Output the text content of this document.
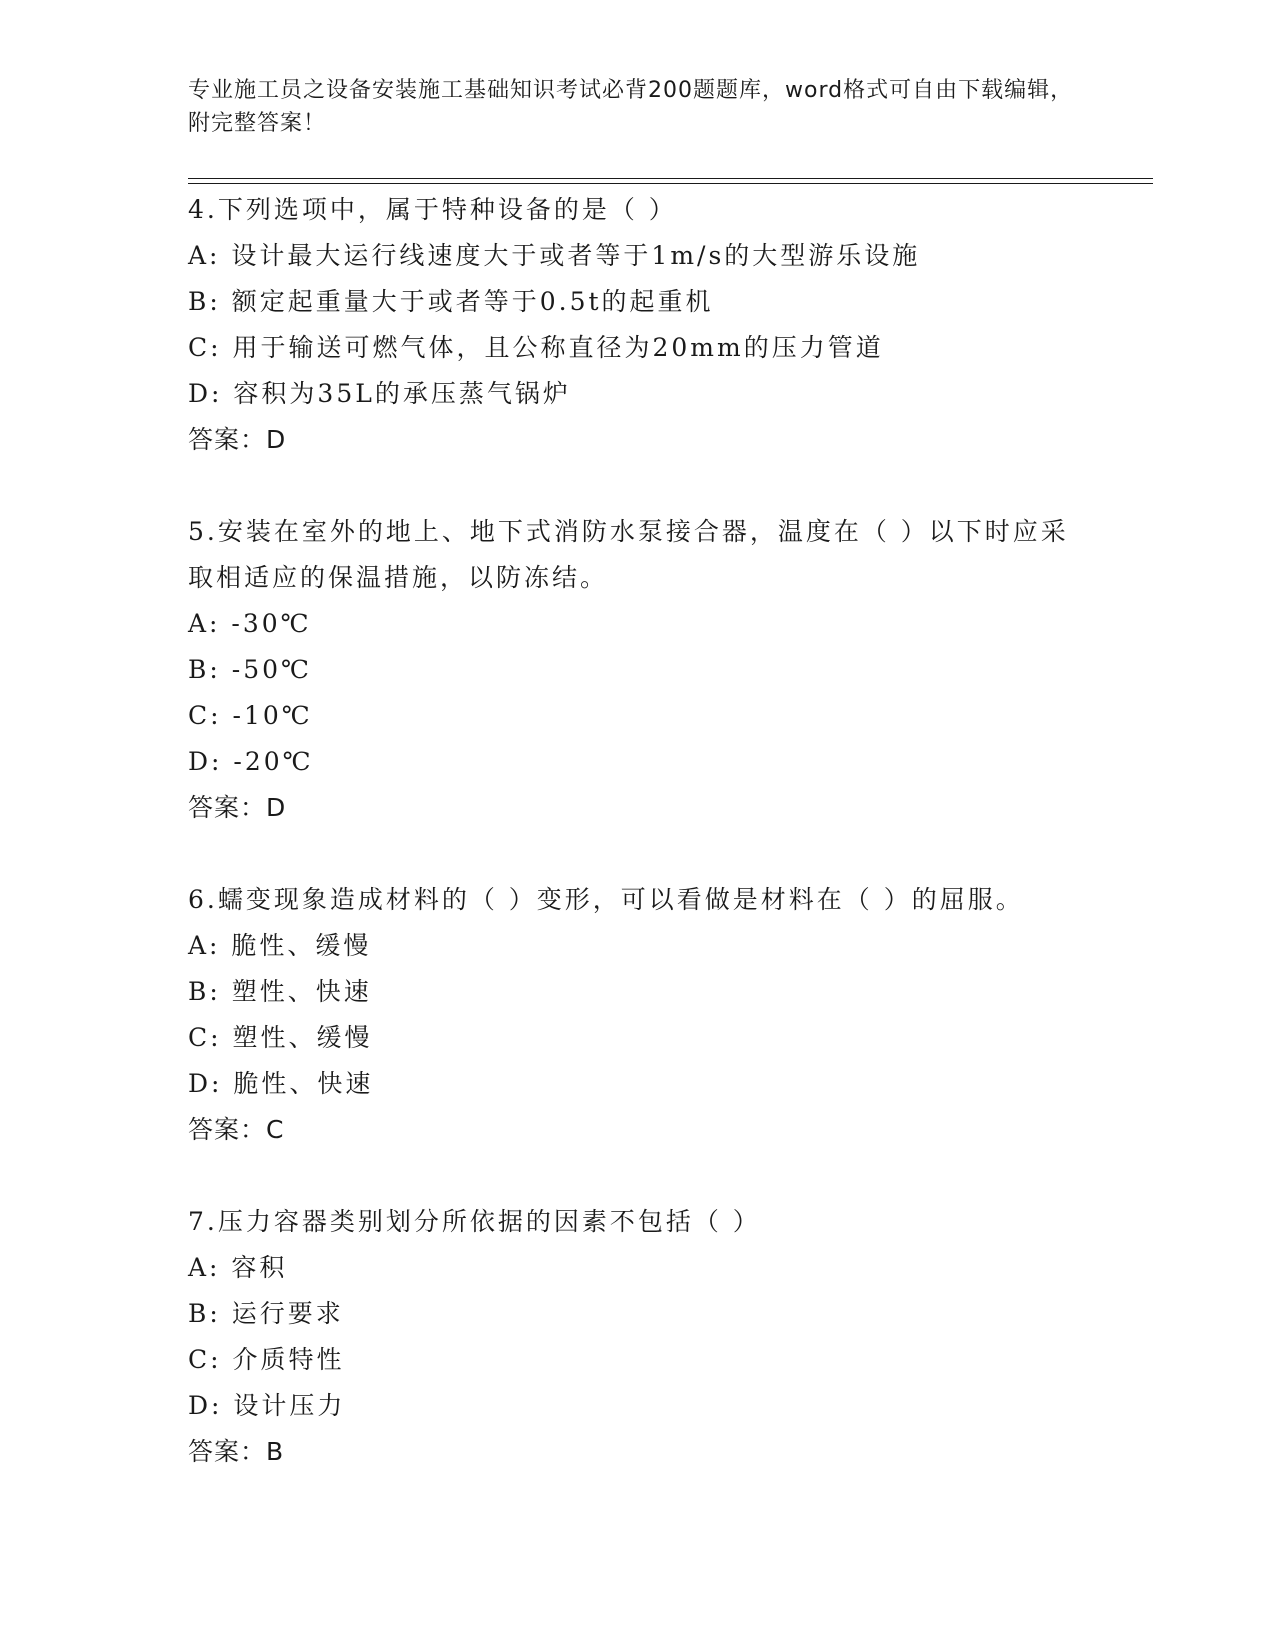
专业施工员之设备安装施工基础知识考试必背200题题库，word格式可自由下载编辑，附完整答案！

4.下列选项中，属于特种设备的是（ ）

A: 设计最大运行线速度大于或者等于1m/s的大型游乐设施

B: 额定起重量大于或者等于0.5t的起重机

C: 用于输送可燃气体，且公称直径为20mm的压力管道

D: 容积为35L的承压蒸气锅炉

答案：D

5.安装在室外的地上、地下式消防水泵接合器，温度在（ ）以下时应采取相适应的保温措施，以防冻结。

A: -30℃

B: -50℃

C: -10℃

D: -20℃

答案：D

6.蠕变现象造成材料的（ ）变形，可以看做是材料在（ ）的屈服。

A: 脆性、缓慢

B: 塑性、快速

C: 塑性、缓慢

D: 脆性、快速

答案：C

7.压力容器类别划分所依据的因素不包括（ ）

A: 容积

B: 运行要求

C: 介质特性

D: 设计压力

答案：B
